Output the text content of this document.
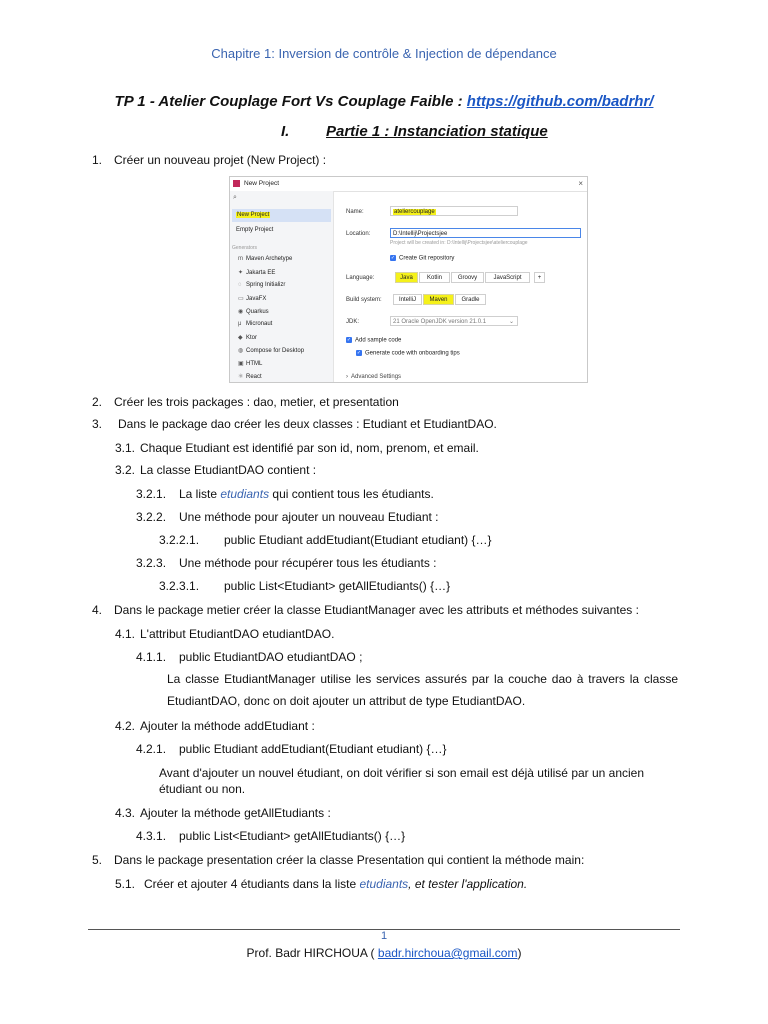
Chapitre 1: Inversion de contrôle & Injection de dépendance
TP 1 - Atelier Couplage Fort Vs Couplage Faible : https://github.com/badrhr/
I. Partie 1 : Instanciation statique
1. Créer un nouveau projet (New Project) :
New Project	×
⌕
New Project
Empty Project
Generators
m Maven Archetype
✦ Jakarta EE
◌ Spring Initializr
▭ JavaFX
◉ Quarkus
μ Micronaut
◆ Ktor
◍ Compose for Desktop
▣ HTML
⚛ React
Name:	ateliercouplage
Location:	D:\Intellij\Projectsjee
Project will be created in: D:\Intellij\Projectsjee\ateliercouplage
✓ Create Git repository
Language:	Java	Kotlin	Groovy	JavaScript	+
Build system:	IntelliJ	Maven	Gradle
JDK:	21 Oracle OpenJDK version 21.0.1	⌄
✓ Add sample code
✓ Generate code with onboarding tips
› Advanced Settings
2. Créer les trois packages : dao, metier, et presentation
3. Dans le package dao créer les deux classes : Etudiant et EtudiantDAO.
3.1. Chaque Etudiant est identifié par son id, nom, prenom, et email.
3.2. La classe EtudiantDAO contient :
3.2.1. La liste etudiants qui contient tous les étudiants.
3.2.2. Une méthode pour ajouter un nouveau Etudiant :
3.2.2.1. public Etudiant addEtudiant(Etudiant etudiant) {…}
3.2.3. Une méthode pour récupérer tous les étudiants :
3.2.3.1. public List<Etudiant> getAllEtudiants() {…}
4. Dans le package metier créer la classe EtudiantManager avec les attributs et méthodes suivantes :
4.1. L'attribut EtudiantDAO etudiantDAO.
4.1.1. public EtudiantDAO etudiantDAO ;
La classe EtudiantManager utilise les services assurés par la couche dao à travers la classe EtudiantDAO, donc on doit ajouter un attribut de type EtudiantDAO.
4.2. Ajouter la méthode addEtudiant :
4.2.1. public Etudiant addEtudiant(Etudiant etudiant) {…}
Avant d'ajouter un nouvel étudiant, on doit vérifier si son email est déjà utilisé par un ancien étudiant ou non.
4.3. Ajouter la méthode getAllEtudiants :
4.3.1. public List<Etudiant> getAllEtudiants() {…}
5. Dans le package presentation créer la classe Presentation qui contient la méthode main:
5.1. Créer et ajouter 4 étudiants dans la liste etudiants, et tester l'application.
1
Prof. Badr HIRCHOUA ( badr.hirchoua@gmail.com)
